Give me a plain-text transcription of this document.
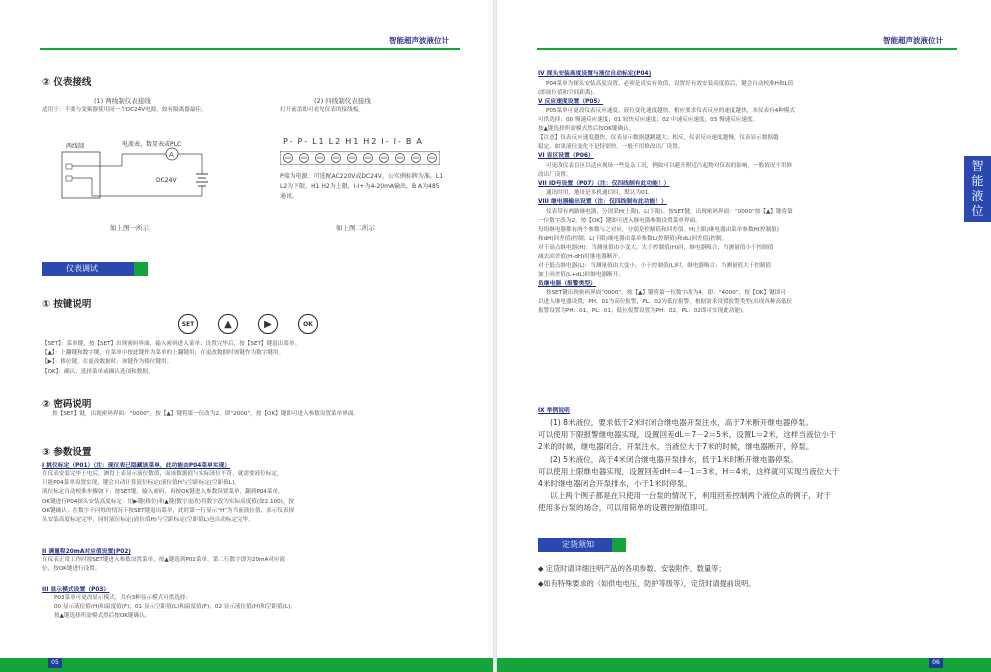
智能超声波液位计
② 仪表接线
(1) 两线制仪表接线
适用于：不要与变频器使用同一个DC24V电源，如有隔离器最佳。
(2) 四线制仪表接线
打开前盖即可看见仪表的接线板。
A
两线制	电流表、数显表或PLC
DC24V
P- P- L1 L2 H1 H2 I- I- B A
P端为电源：可选配AC220V或DC24V。公实例标牌为准。L1 L2为下限，H1 H2为上限，I-I+为4-20mA输出，B A为485通讯。
如上图一所示	如上图二所示
仪表调试
① 按键说明
SET	▲	▶	OK

【SET】：菜单键，按【SET】出现密码界面，输入密码进入菜单；设置完毕后，按【SET】键退出菜单。

【▲】：上翻键和数字键，在菜单中按此键作为菜单的上翻键用；在更改数据时该键作为数字键用。

【▶】：移位键，在更改数据时，该键作为移位键用。

【OK】：确认、选择菜单或确认选项和数据。

② 密码说明
按【SET】键，出现密码界面：“0000”，按【▲】键将第一位改为2，即“2000”，按【OK】键即可进入参数设置菜单界面。
③ 参数设置
I 挑仪标定（P01）（注：现仪表已隐藏该菜单，此功能由P04菜单实现）

在仪表安装完毕上电后，测得上表显示液位数值，而该数据值与实际液位不符，就需要液位标定。

只能P04菜单设置实现，键会自动计算液位标定(液位值H与空距标定(空距值L)。

液位标定自动校准步骤如下：按SET键，输入密码，再按OK键进入参数设置菜单，翻到P04菜单，

OK键进行P04探头安装高度标定：用▶键(移位)和▲键(数字更改)将数字改为实际高度值(如2.100)，按

OK键确认；在数字不闪烁的情况下按SET键退出菜单，此时第一行显示“H”为当前液位值，表示仪表探

头安装高度标定完毕，同时液位标定(液位值H)与空距标定(空距值L)也自动标定完毕。

II 满量程20mA对应值设置(P02)

在仪表正常工作时按SET键进入参数设置菜单，按▲键选到P02菜单，第二行数字即为20mA对应液

位，按OK键进行设置。

III 显示模式设置（P03）

P03菜单可更改显示模式，共有3种显示模式可供选择：

00 显示液位值(H)和温度值(F)；01 显示空距值(L)和温度值(F)；02 显示液位值(H)和空距值(L)。

按▲键选择所需模式然后按OK键确认。

05
智能超声波液位计
IV 探头安装高度设置与液位自动标定(P04)
P04菜单为探头安装高度设置，必须是真实有效值，设置好有效安装高度值后，键会自动校准H和L值
(即液位值和空间距离)。
V 反应速度设置（P05）
P05菜单可更改仪表反应速度，液位变化速度越快，相应要求仪表反应的速度越快，本仪表有4种模式
可供选择：00 慢速反应速度；01 较快反应速度；02 中速反应速度；03 慢速反应速度。
按▲键选择所需模式然后按OK键确认。
【注意】仪表反应速度越快，仪表显示数据越跳越大；相反，仪表反应速度越慢，仪表显示数据越
稳定。如果液位变化不是特别快，一般不用修改出厂设置。
VI 盲区设置（P06）
可更改仪表盲区以适应现场一些复杂工况，例如可以避开附近凸起物对仪表的影响，一般情况不用修
改出厂设置。
VII ID号设置（P07）（注：仅四线制有此功能！）
通讯时用，地址是多机通信时，默认为01。
VIII 继电器输出设置（注：仅四线制有此功能！）
仪表带有两路继电器，分别采H(上限)、L(下限)。按SET键，出现密码界面：“0000”按【▲】键将第
一位数字改为2，按【OK】键即可进入继电器参数设置菜单界面。
每组继电器都有两个参数与之对应，分别是控制值和回差值。H(上限)继电器由菜单参数H(控制值)
和dH(回差值)控制；L(下限)继电器由菜单参数L(控制值)和dL(回差值)控制。
对于高点继电器(H)：当测量值由小变大，大于控制值(H)时，继电器吸合；当测量值小于控制值
减去回差值(H-dH)时继电器断开。
对于低点继电器(L)：当测量值由大变小，小于控制值(L)时，继电器吸合；当测量值大于控制值
加上回差值(L+dL)时继电器断开。
负继电器（报警类型）
按SET键出现密码界面“0000”，按【▲】键将第一位数字改为4，即：“4000”，按【OK】键即可
以进入继电器设置，PH、01为高位报警，PL、02为低位报警。根据需求设置报警类型(出现各种高低位
报警设置为PH：01，PL：01；低位报警设置为PH：02，PL：02即可实现此功能)。
IX 举例说明

(1) 8米液位，要求低于2米时闭合继电器开泵注水，高于7米断开继电器停泵。

可以使用下限报警继电器实现，设置回差dL＝7－2＝5米，设置L＝2米，这样当液位小于

2米的时候，继电器闭合，开泵注水，当液位大于7米的时候，继电器断开，停泵。

(2) 5米液位，高于4米闭合继电器开泵排水，低于1米时断开继电器停泵。

可以使用上限继电器实现，设置回差dH＝4－1＝3米，H＝4米，这样就可实现当液位大于

4米时继电器闭合开泵排水，小于1米时停泵。

以上两个例子都是在只使用一台泵的情况下，利用回差控制两个液位点的例子，对于

使用多台泵的场合，可以用简单的设置控制值即可。

定货须知
◆ 定货时请详细注明产品的各项参数、安装附件、数量等；
◆如有特殊要求的（如供电电压、防护等级等），定货时请提前说明。
智
能
液
位
06
